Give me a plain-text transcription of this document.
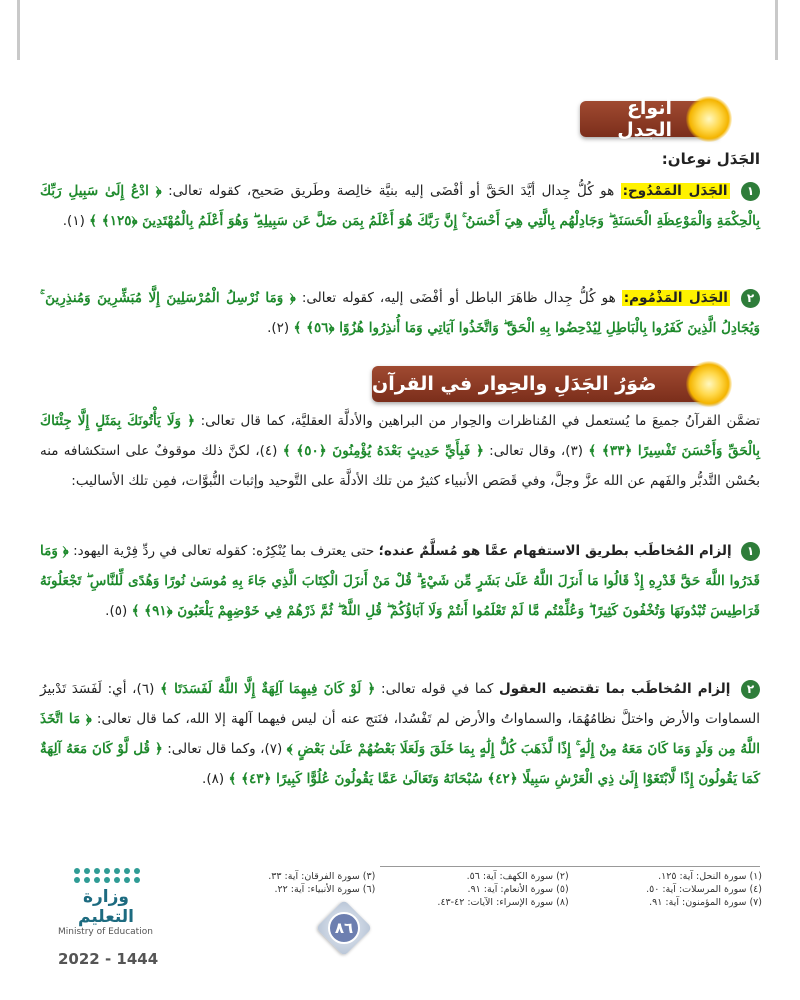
أنواع الجدل
الجَدَل نوعان:
١ الجَدَل المَمْدُوح: هو كُلُّ جِدال أيَّدَ الحَقَّ أو أفْضَى إليه بنيَّة خالِصة وطَريق صَحيح، كقوله تعالى: ﴿ ادْعُ إِلَىٰ سَبِيلِ رَبِّكَ بِالْحِكْمَةِ وَالْمَوْعِظَةِ الْحَسَنَةِ ۖ وَجَادِلْهُم بِالَّتِي هِيَ أَحْسَنُ ۚ إِنَّ رَبَّكَ هُوَ أَعْلَمُ بِمَن ضَلَّ عَن سَبِيلِهِ ۖ وَهُوَ أَعْلَمُ بِالْمُهْتَدِينَ ﴿١٢٥﴾ ﴾ (١).
٢ الجَدَل المَذْمُوم: هو كُلُّ جِدال ظاهَرَ الباطل أو أفْضَى إليه، كقوله تعالى: ﴿ وَمَا نُرْسِلُ الْمُرْسَلِينَ إِلَّا مُبَشِّرِينَ وَمُنذِرِينَ ۚ وَيُجَادِلُ الَّذِينَ كَفَرُوا بِالْبَاطِلِ لِيُدْحِضُوا بِهِ الْحَقَّ ۖ وَاتَّخَذُوا آيَاتِي وَمَا أُنذِرُوا هُزُوًا ﴿٥٦﴾ ﴾ (٢).
صُوَرُ الجَدَلِ والحِوار في القرآن
تضمَّن القرآنُ جميعَ ما يُستعمل في المُناظرات والحِوار من البراهين والأدلَّة العقليَّة، كما قال تعالى: ﴿ وَلَا يَأْتُونَكَ بِمَثَلٍ إِلَّا جِئْنَاكَ بِالْحَقِّ وَأَحْسَنَ تَفْسِيرًا ﴿٣٣﴾ ﴾ (٣)، وقال تعالى: ﴿ فَبِأَيِّ حَدِيثٍ بَعْدَهُ يُؤْمِنُونَ ﴿٥٠﴾ ﴾ (٤)، لكنَّ ذلك موقوفٌ على استكشافه منه بحُسْن التَّدبُّر والفَهم عن الله عزَّ وجلَّ، وفي قَصَص الأنبياء كثيرٌ من تلك الأدلَّة على التَّوحيد وإثبات النُّبوَّات، فمِن تلك الأساليب:
١ إلزام المُخاطَب بطريق الاستفهام عمَّا هو مُسلَّمٌ عنده؛ حتى يعترف بما يُنْكِرُه: كقوله تعالى في ردِّ فِرْية اليهود: ﴿ وَمَا قَدَرُوا اللَّهَ حَقَّ قَدْرِهِ إِذْ قَالُوا مَا أَنزَلَ اللَّهُ عَلَىٰ بَشَرٍ مِّن شَيْءٍ ۗ قُلْ مَنْ أَنزَلَ الْكِتَابَ الَّذِي جَاءَ بِهِ مُوسَىٰ نُورًا وَهُدًى لِّلنَّاسِ ۖ تَجْعَلُونَهُ قَرَاطِيسَ تُبْدُونَهَا وَتُخْفُونَ كَثِيرًا ۖ وَعُلِّمْتُم مَّا لَمْ تَعْلَمُوا أَنتُمْ وَلَا آبَاؤُكُمْ ۖ قُلِ اللَّهُ ۖ ثُمَّ ذَرْهُمْ فِي خَوْضِهِمْ يَلْعَبُونَ ﴿٩١﴾ ﴾ (٥).
٢ إلزام المُخاطَب بما تقتضيه العقول كما في قوله تعالى: ﴿ لَوْ كَانَ فِيهِمَا آلِهَةٌ إِلَّا اللَّهُ لَفَسَدَتَا ﴾ (٦)، أي: لَفَسَدَ تَدْبيرُ السماوات والأرض واختلَّ نظامُهُمَا، والسماواتُ والأرض لم تَفْسُدا، فنَتج عنه أن ليس فيهما آلهة إلا الله، كما قال تعالى: ﴿ مَا اتَّخَذَ اللَّهُ مِن وَلَدٍ وَمَا كَانَ مَعَهُ مِنْ إِلَٰهٍ ۚ إِذًا لَّذَهَبَ كُلُّ إِلَٰهٍ بِمَا خَلَقَ وَلَعَلَا بَعْضُهُمْ عَلَىٰ بَعْضٍ ﴾ (٧)، وكما قال تعالى: ﴿ قُل لَّوْ كَانَ مَعَهُ آلِهَةٌ كَمَا يَقُولُونَ إِذًا لَّابْتَغَوْا إِلَىٰ ذِي الْعَرْشِ سَبِيلًا ﴿٤٢﴾ سُبْحَانَهُ وَتَعَالَىٰ عَمَّا يَقُولُونَ عُلُوًّا كَبِيرًا ﴿٤٣﴾ ﴾ (٨).
(١) سورة النحل: آية: ١٢٥.
(٢) سورة الكهف: آية: ٥٦.
(٣) سورة الفرقان: آية: ٣٣.
(٤) سورة المرسلات: آية: ٥٠.
(٥) سورة الأنعام: آية: ٩١.
(٦) سورة الأنبياء: آية: ٢٢.
(٧) سورة المؤمنون: آية: ٩١.
(٨) سورة الإسراء: الآيات: ٤٢-٤٣.
وزارة التعليم
Ministry of Education
2022 - 1444
٨٦
